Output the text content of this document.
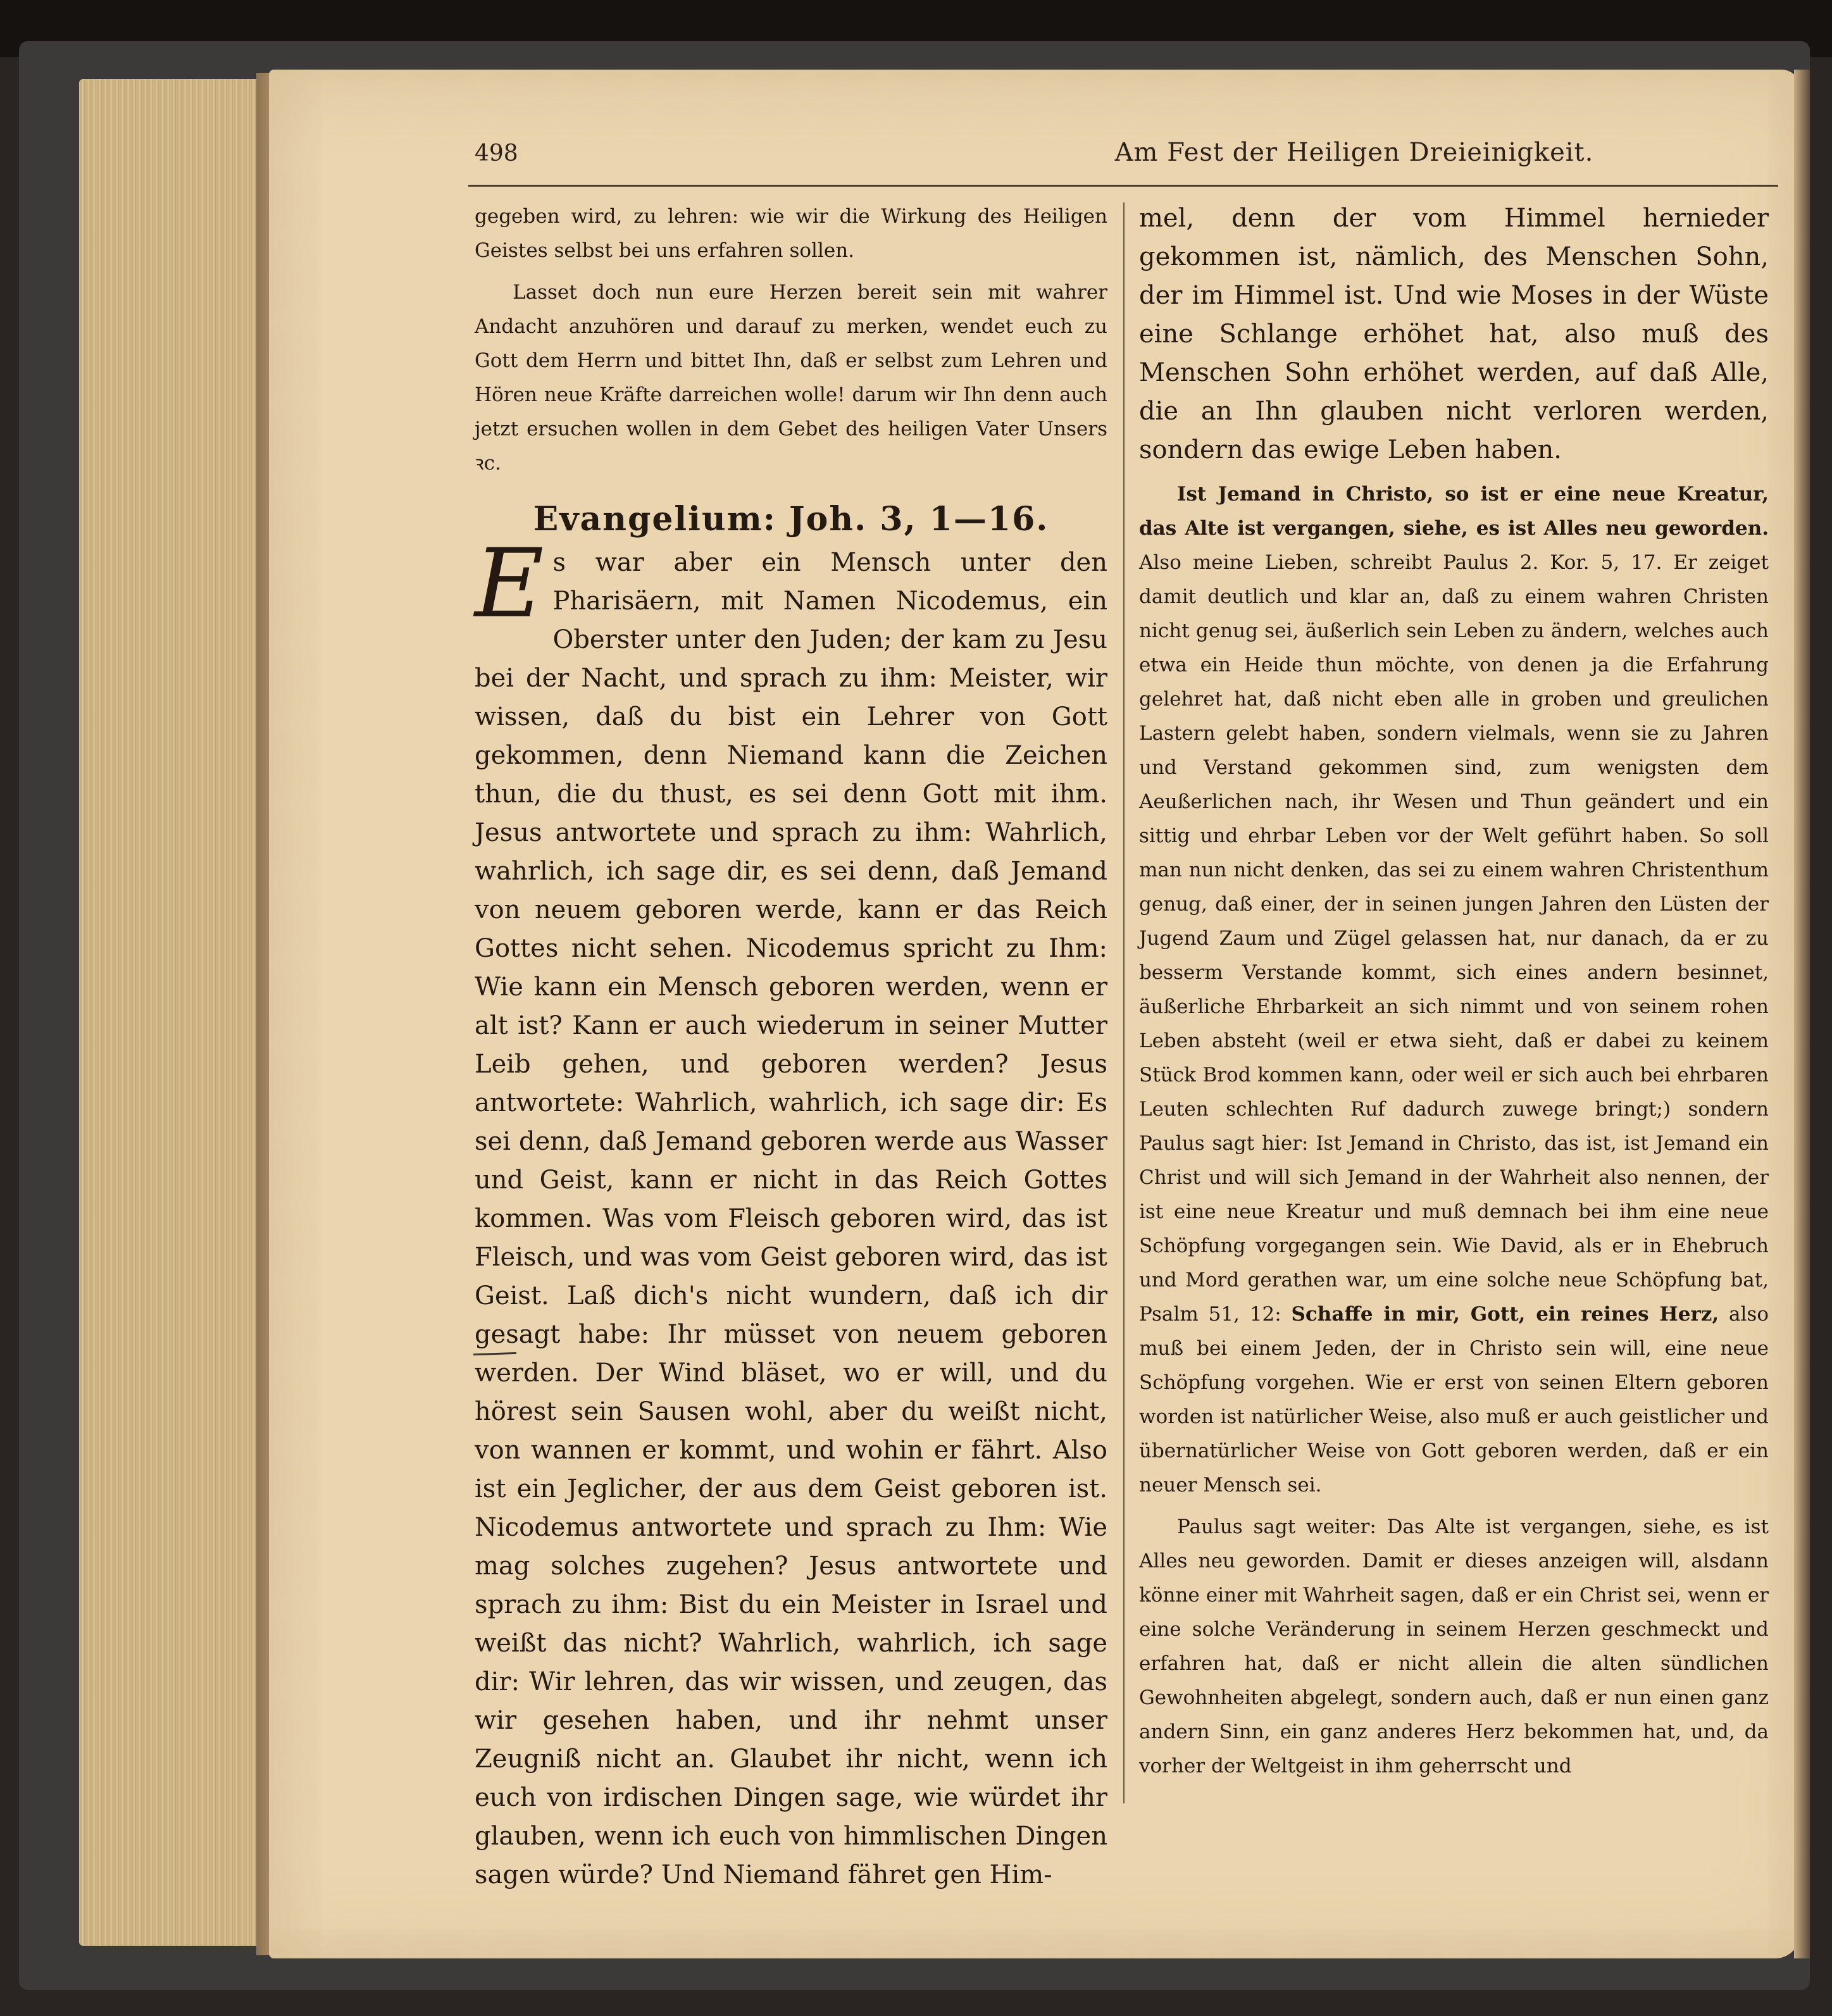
498	Am Fest der Heiligen Dreieinigkeit.

gegeben wird, zu lehren: wie wir die Wirkung des Heiligen Geistes selbst bei uns erfahren sollen.

Lasset doch nun eure Herzen bereit sein mit wahrer Andacht anzuhören und darauf zu merken, wendet euch zu Gott dem Herrn und bittet Ihn, daß er selbst zum Lehren und Hören neue Kräfte darreichen wolle! darum wir Ihn denn auch jetzt ersuchen wollen in dem Gebet des heiligen Vater Unsers ꝛc.

Evangelium: Joh. 3, 1—16.

Es war aber ein Mensch unter den Pharisäern, mit Namen Nicodemus, ein Oberster unter den Juden; der kam zu Jesu bei der Nacht, und sprach zu ihm: Meister, wir wissen, daß du bist ein Lehrer von Gott gekommen, denn Niemand kann die Zeichen thun, die du thust, es sei denn Gott mit ihm. Jesus antwortete und sprach zu ihm: Wahrlich, wahrlich, ich sage dir, es sei denn, daß Jemand von neuem geboren werde, kann er das Reich Gottes nicht sehen. Nicodemus spricht zu Ihm: Wie kann ein Mensch geboren werden, wenn er alt ist? Kann er auch wiederum in seiner Mutter Leib gehen, und geboren werden? Jesus antwortete: Wahrlich, wahrlich, ich sage dir: Es sei denn, daß Jemand geboren werde aus Wasser und Geist, kann er nicht in das Reich Gottes kommen. Was vom Fleisch geboren wird, das ist Fleisch, und was vom Geist geboren wird, das ist Geist. Laß dich's nicht wundern, daß ich dir gesagt habe: Ihr müsset von neuem geboren werden. Der Wind bläset, wo er will, und du hörest sein Sausen wohl, aber du weißt nicht, von wannen er kommt, und wohin er fährt. Also ist ein Jeglicher, der aus dem Geist geboren ist. Nicodemus antwortete und sprach zu Ihm: Wie mag solches zugehen? Jesus antwortete und sprach zu ihm: Bist du ein Meister in Israel und weißt das nicht? Wahrlich, wahrlich, ich sage dir: Wir lehren, das wir wissen, und zeugen, das wir gesehen haben, und ihr nehmt unser Zeugniß nicht an. Glaubet ihr nicht, wenn ich euch von irdischen Dingen sage, wie würdet ihr glauben, wenn ich euch von himmlischen Dingen sagen würde? Und Niemand fähret gen Him-

mel, denn der vom Himmel hernieder gekommen ist, nämlich, des Menschen Sohn, der im Himmel ist. Und wie Moses in der Wüste eine Schlange erhöhet hat, also muß des Menschen Sohn erhöhet werden, auf daß Alle, die an Ihn glauben nicht verloren werden, sondern das ewige Leben haben.

Ist Jemand in Christo, so ist er eine neue Kreatur, das Alte ist vergangen, siehe, es ist Alles neu geworden. Also meine Lieben, schreibt Paulus 2. Kor. 5, 17. Er zeiget damit deutlich und klar an, daß zu einem wahren Christen nicht genug sei, äußerlich sein Leben zu ändern, welches auch etwa ein Heide thun möchte, von denen ja die Erfahrung gelehret hat, daß nicht eben alle in groben und greulichen Lastern gelebt haben, sondern vielmals, wenn sie zu Jahren und Verstand gekommen sind, zum wenigsten dem Aeußerlichen nach, ihr Wesen und Thun geändert und ein sittig und ehrbar Leben vor der Welt geführt haben. So soll man nun nicht denken, das sei zu einem wahren Christenthum genug, daß einer, der in seinen jungen Jahren den Lüsten der Jugend Zaum und Zügel gelassen hat, nur danach, da er zu besserm Verstande kommt, sich eines andern besinnet, äußerliche Ehrbarkeit an sich nimmt und von seinem rohen Leben absteht (weil er etwa sieht, daß er dabei zu keinem Stück Brod kommen kann, oder weil er sich auch bei ehrbaren Leuten schlechten Ruf dadurch zuwege bringt;) sondern Paulus sagt hier: Ist Jemand in Christo, das ist, ist Jemand ein Christ und will sich Jemand in der Wahrheit also nennen, der ist eine neue Kreatur und muß demnach bei ihm eine neue Schöpfung vorgegangen sein. Wie David, als er in Ehebruch und Mord gerathen war, um eine solche neue Schöpfung bat, Psalm 51, 12: Schaffe in mir, Gott, ein reines Herz, also muß bei einem Jeden, der in Christo sein will, eine neue Schöpfung vorgehen. Wie er erst von seinen Eltern geboren worden ist natürlicher Weise, also muß er auch geistlicher und übernatürlicher Weise von Gott geboren werden, daß er ein neuer Mensch sei.

Paulus sagt weiter: Das Alte ist vergangen, siehe, es ist Alles neu geworden. Damit er dieses anzeigen will, alsdann könne einer mit Wahrheit sagen, daß er ein Christ sei, wenn er eine solche Veränderung in seinem Herzen geschmeckt und erfahren hat, daß er nicht allein die alten sündlichen Gewohnheiten abgelegt, sondern auch, daß er nun einen ganz andern Sinn, ein ganz anderes Herz bekommen hat, und, da vorher der Weltgeist in ihm geherrscht und
